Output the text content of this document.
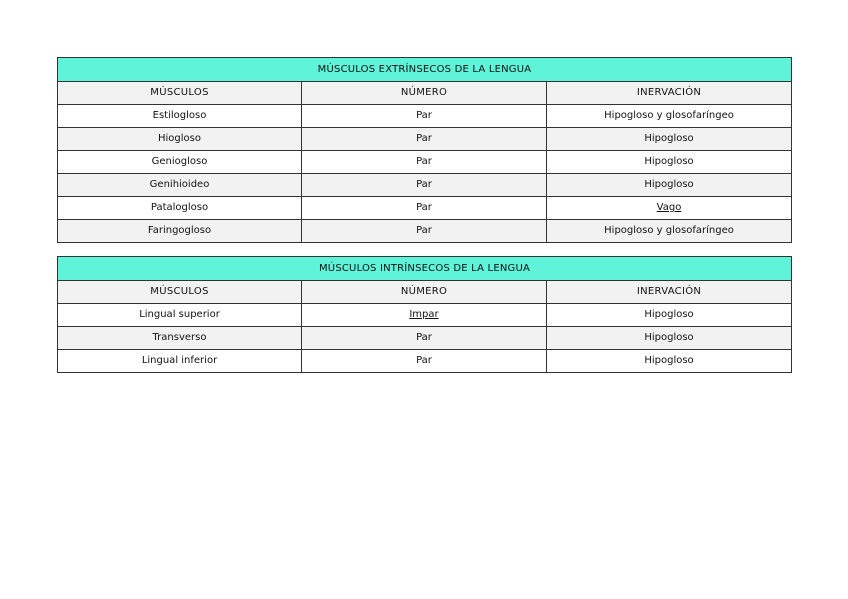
MÚSCULOS EXTRÍNSECOS DE LA LENGUA		
MÚSCULOS	NÚMERO	INERVACIÓN
Estilogloso	Par	Hipogloso y glosofaríngeo
Hiogloso	Par	Hipogloso
Geniogloso	Par	Hipogloso
Genihioideo	Par	Hipogloso
Patalogloso	Par	Vago
Faringogloso	Par	Hipogloso y glosofaríngeo
MÚSCULOS INTRÍNSECOS DE LA LENGUA		
MÚSCULOS	NÚMERO	INERVACIÓN
Lingual superior	Impar	Hipogloso
Transverso	Par	Hipogloso
Lingual inferior	Par	Hipogloso
